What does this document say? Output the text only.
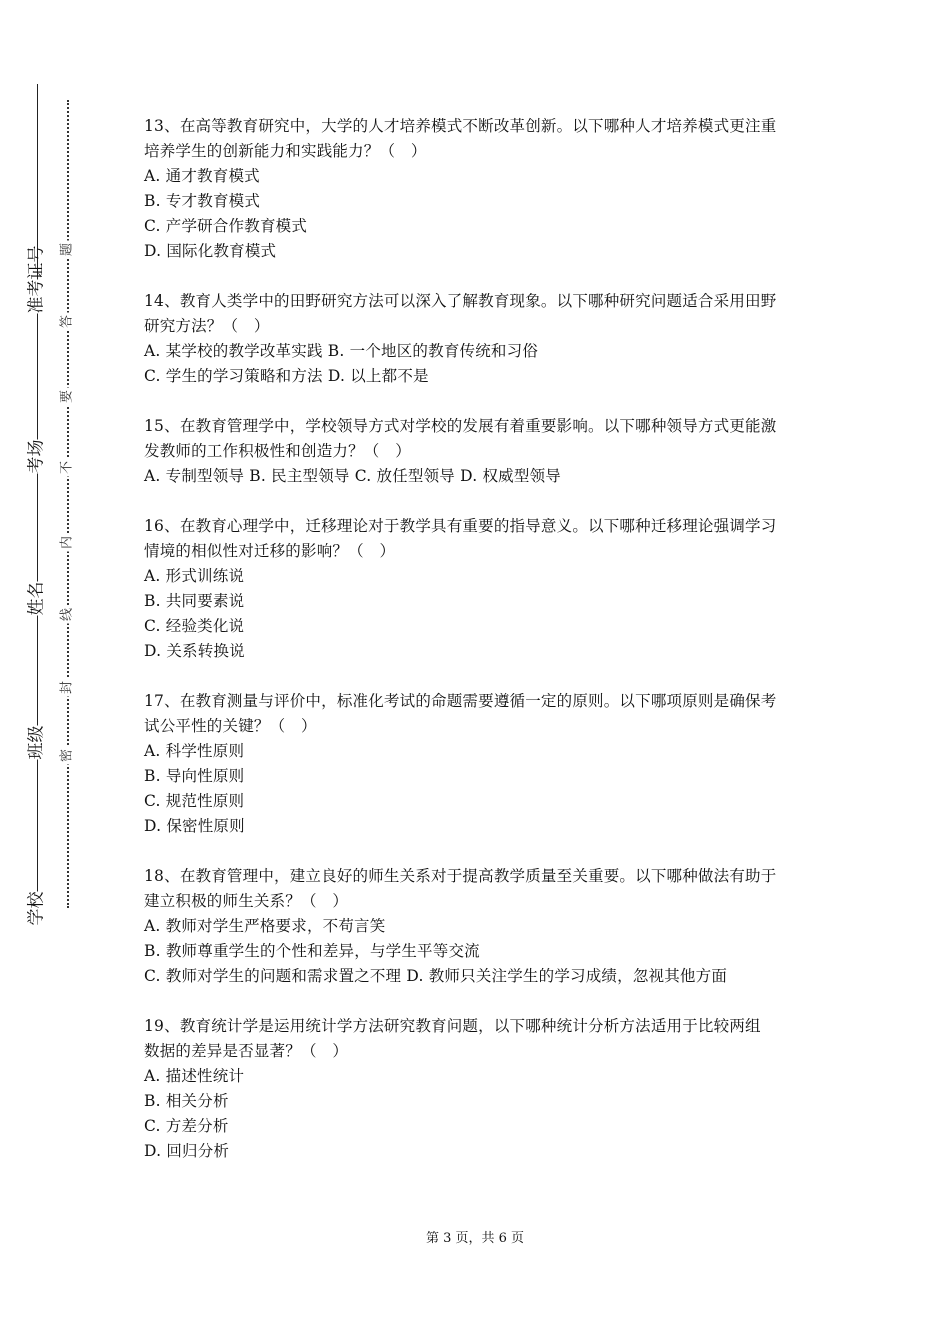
准考证号
考场
姓名
班级
学校
题
答
要
不
内
线
封
密
13、在高等教育研究中，大学的人才培养模式不断改革创新。以下哪种人才培养模式更注重
培养学生的创新能力和实践能力？（　）
A. 通才教育模式
B. 专才教育模式
C. 产学研合作教育模式
D. 国际化教育模式
14、教育人类学中的田野研究方法可以深入了解教育现象。以下哪种研究问题适合采用田野
研究方法？（　）
A. 某学校的教学改革实践 B. 一个地区的教育传统和习俗
C. 学生的学习策略和方法 D. 以上都不是
15、在教育管理学中，学校领导方式对学校的发展有着重要影响。以下哪种领导方式更能激
发教师的工作积极性和创造力？（　）
A. 专制型领导 B. 民主型领导 C. 放任型领导 D. 权威型领导
16、在教育心理学中，迁移理论对于教学具有重要的指导意义。以下哪种迁移理论强调学习
情境的相似性对迁移的影响？（　）
A. 形式训练说
B. 共同要素说
C. 经验类化说
D. 关系转换说
17、在教育测量与评价中，标准化考试的命题需要遵循一定的原则。以下哪项原则是确保考
试公平性的关键？（　）
A. 科学性原则
B. 导向性原则
C. 规范性原则
D. 保密性原则
18、在教育管理中，建立良好的师生关系对于提高教学质量至关重要。以下哪种做法有助于
建立积极的师生关系？（　）
A. 教师对学生严格要求，不苟言笑
B. 教师尊重学生的个性和差异，与学生平等交流
C. 教师对学生的问题和需求置之不理 D. 教师只关注学生的学习成绩，忽视其他方面
19、教育统计学是运用统计学方法研究教育问题，以下哪种统计分析方法适用于比较两组
数据的差异是否显著？（　）
A. 描述性统计
B. 相关分析
C. 方差分析
D. 回归分析
第 3 页，共 6 页
